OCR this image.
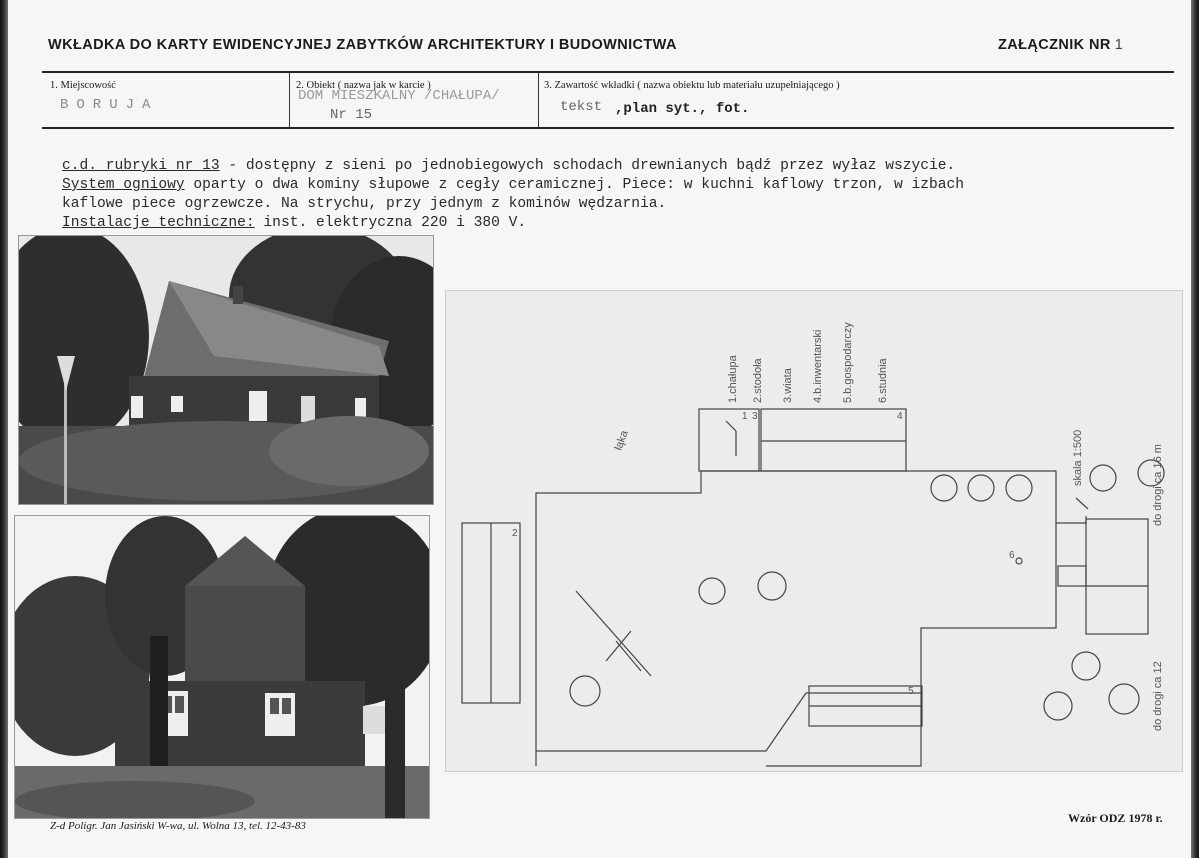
WKŁADKA DO KARTY EWIDENCYJNEJ ZABYTKÓW ARCHITEKTURY I BUDOWNICTWA	ZAŁĄCZNIK NR 1
1. Miejscowość
BORUJA
2. Obiekt ( nazwa jak w karcie )
DOM MIESZKALNY /CHAŁUPA/
Nr 15
3. Zawartość wkładki ( nazwa obiektu lub materiału uzupełniającego )
tekst ,plan syt., fot.
c.d. rubryki nr 13 - dostępny z sieni po jednobiegowych schodach drewnianych bądź przez wyłaz wszycie.
System ogniowy oparty o dwa kominy słupowe z cegły ceramicznej. Piece: w kuchni kaflowy trzon, w izbach
kaflowe piece ogrzewcze. Na strychu, przy jednym z kominów wędzarnia.
Instalacje techniczne: inst. elektryczna 220 i 380 V.
1.chałupa 2.stodoła 3.wiata 4.b.inwentarski 5.b.gospodarczy 6.studnia
skala 1:500
łąka
do drogi ca 16 m
do drogi ca 12
1
2
3	4
5
6
Z-d Poligr. Jan Jasiński W-wa, ul. Wolna 13, tel. 12-43-83
Wzór ODZ 1978 r.
